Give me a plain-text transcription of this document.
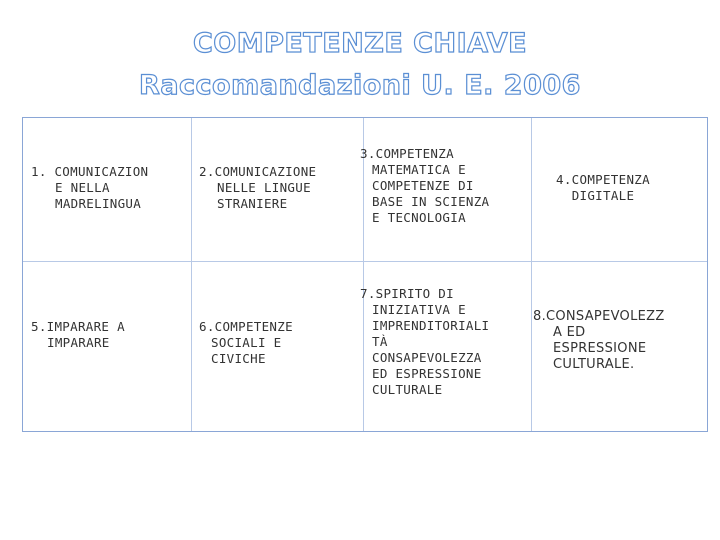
COMPETENZE CHIAVE
Raccomandazioni U. E. 2006
1. COMUNICAZION
E NELLA
MADRELINGUA
2.COMUNICAZIONE
NELLE LINGUE
STRANIERE
3.COMPETENZA
MATEMATICA E
COMPETENZE DI
BASE IN SCIENZA
E TECNOLOGIA
4.COMPETENZA
DIGITALE
5.IMPARARE A
IMPARARE
6.COMPETENZE
SOCIALI E
CIVICHE
7.SPIRITO DI
INIZIATIVA E
IMPRENDITORIALI
TÀ
CONSAPEVOLEZZA
ED ESPRESSIONE
CULTURALE
8.CONSAPEVOLEZZ
A ED
ESPRESSIONE
CULTURALE.
